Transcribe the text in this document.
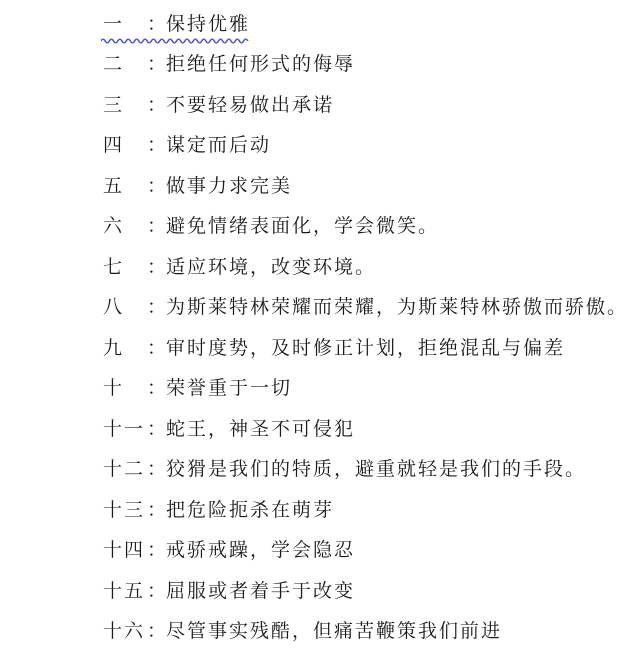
一	： 保持优雅
二	： 拒绝任何形式的侮辱
三	： 不要轻易做出承诺
四	： 谋定而后动
五	： 做事力求完美
六	： 避免情绪表面化，学会微笑。
七	： 适应环境，改变环境。
八	： 为斯莱特林荣耀而荣耀，为斯莱特林骄傲而骄傲。
九	： 审时度势，及时修正计划，拒绝混乱与偏差
十	： 荣誉重于一切
十一 ： 蛇王，神圣不可侵犯
十二 ： 狡猾是我们的特质，避重就轻是我们的手段。
十三 ： 把危险扼杀在萌芽
十四 ： 戒骄戒躁，学会隐忍
十五 ： 屈服或者着手于改变
十六 ： 尽管事实残酷，但痛苦鞭策我们前进
